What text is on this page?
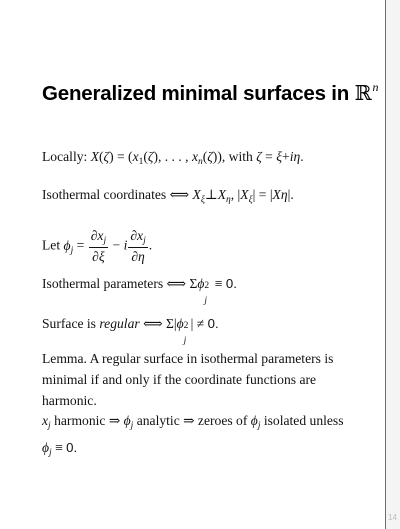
Generalized minimal surfaces in ℝ$^n$
Locally: $X(\zeta) = (x_1(\zeta)$, . . . , $x_n(\zeta)$), with ζ = ξ+iη.
Isothermal coordinates ⟺ $X_\xi\perp X_\eta$, $|X_\xi| = |X\eta|$.
Let $\phi_j = \frac{\partial x_j}{\partial\xi} - i \frac{\partial x_j}{\partial\eta}$ .
Isothermal parameters ⟺ Σϕ 2
j
≡ 0.
Surface is regular ⟺ Σ|ϕ 2
j
| ≠ 0.
Lemma. A regular surface in isothermal parameters is minimal if and only if the coordinate functions are harmonic.
$x_j$ harmonic ⇒ $\phi_j$ analytic ⇒ zeroes of $\phi_j$ isolated unless
$\phi_j \equiv 0$.
14
